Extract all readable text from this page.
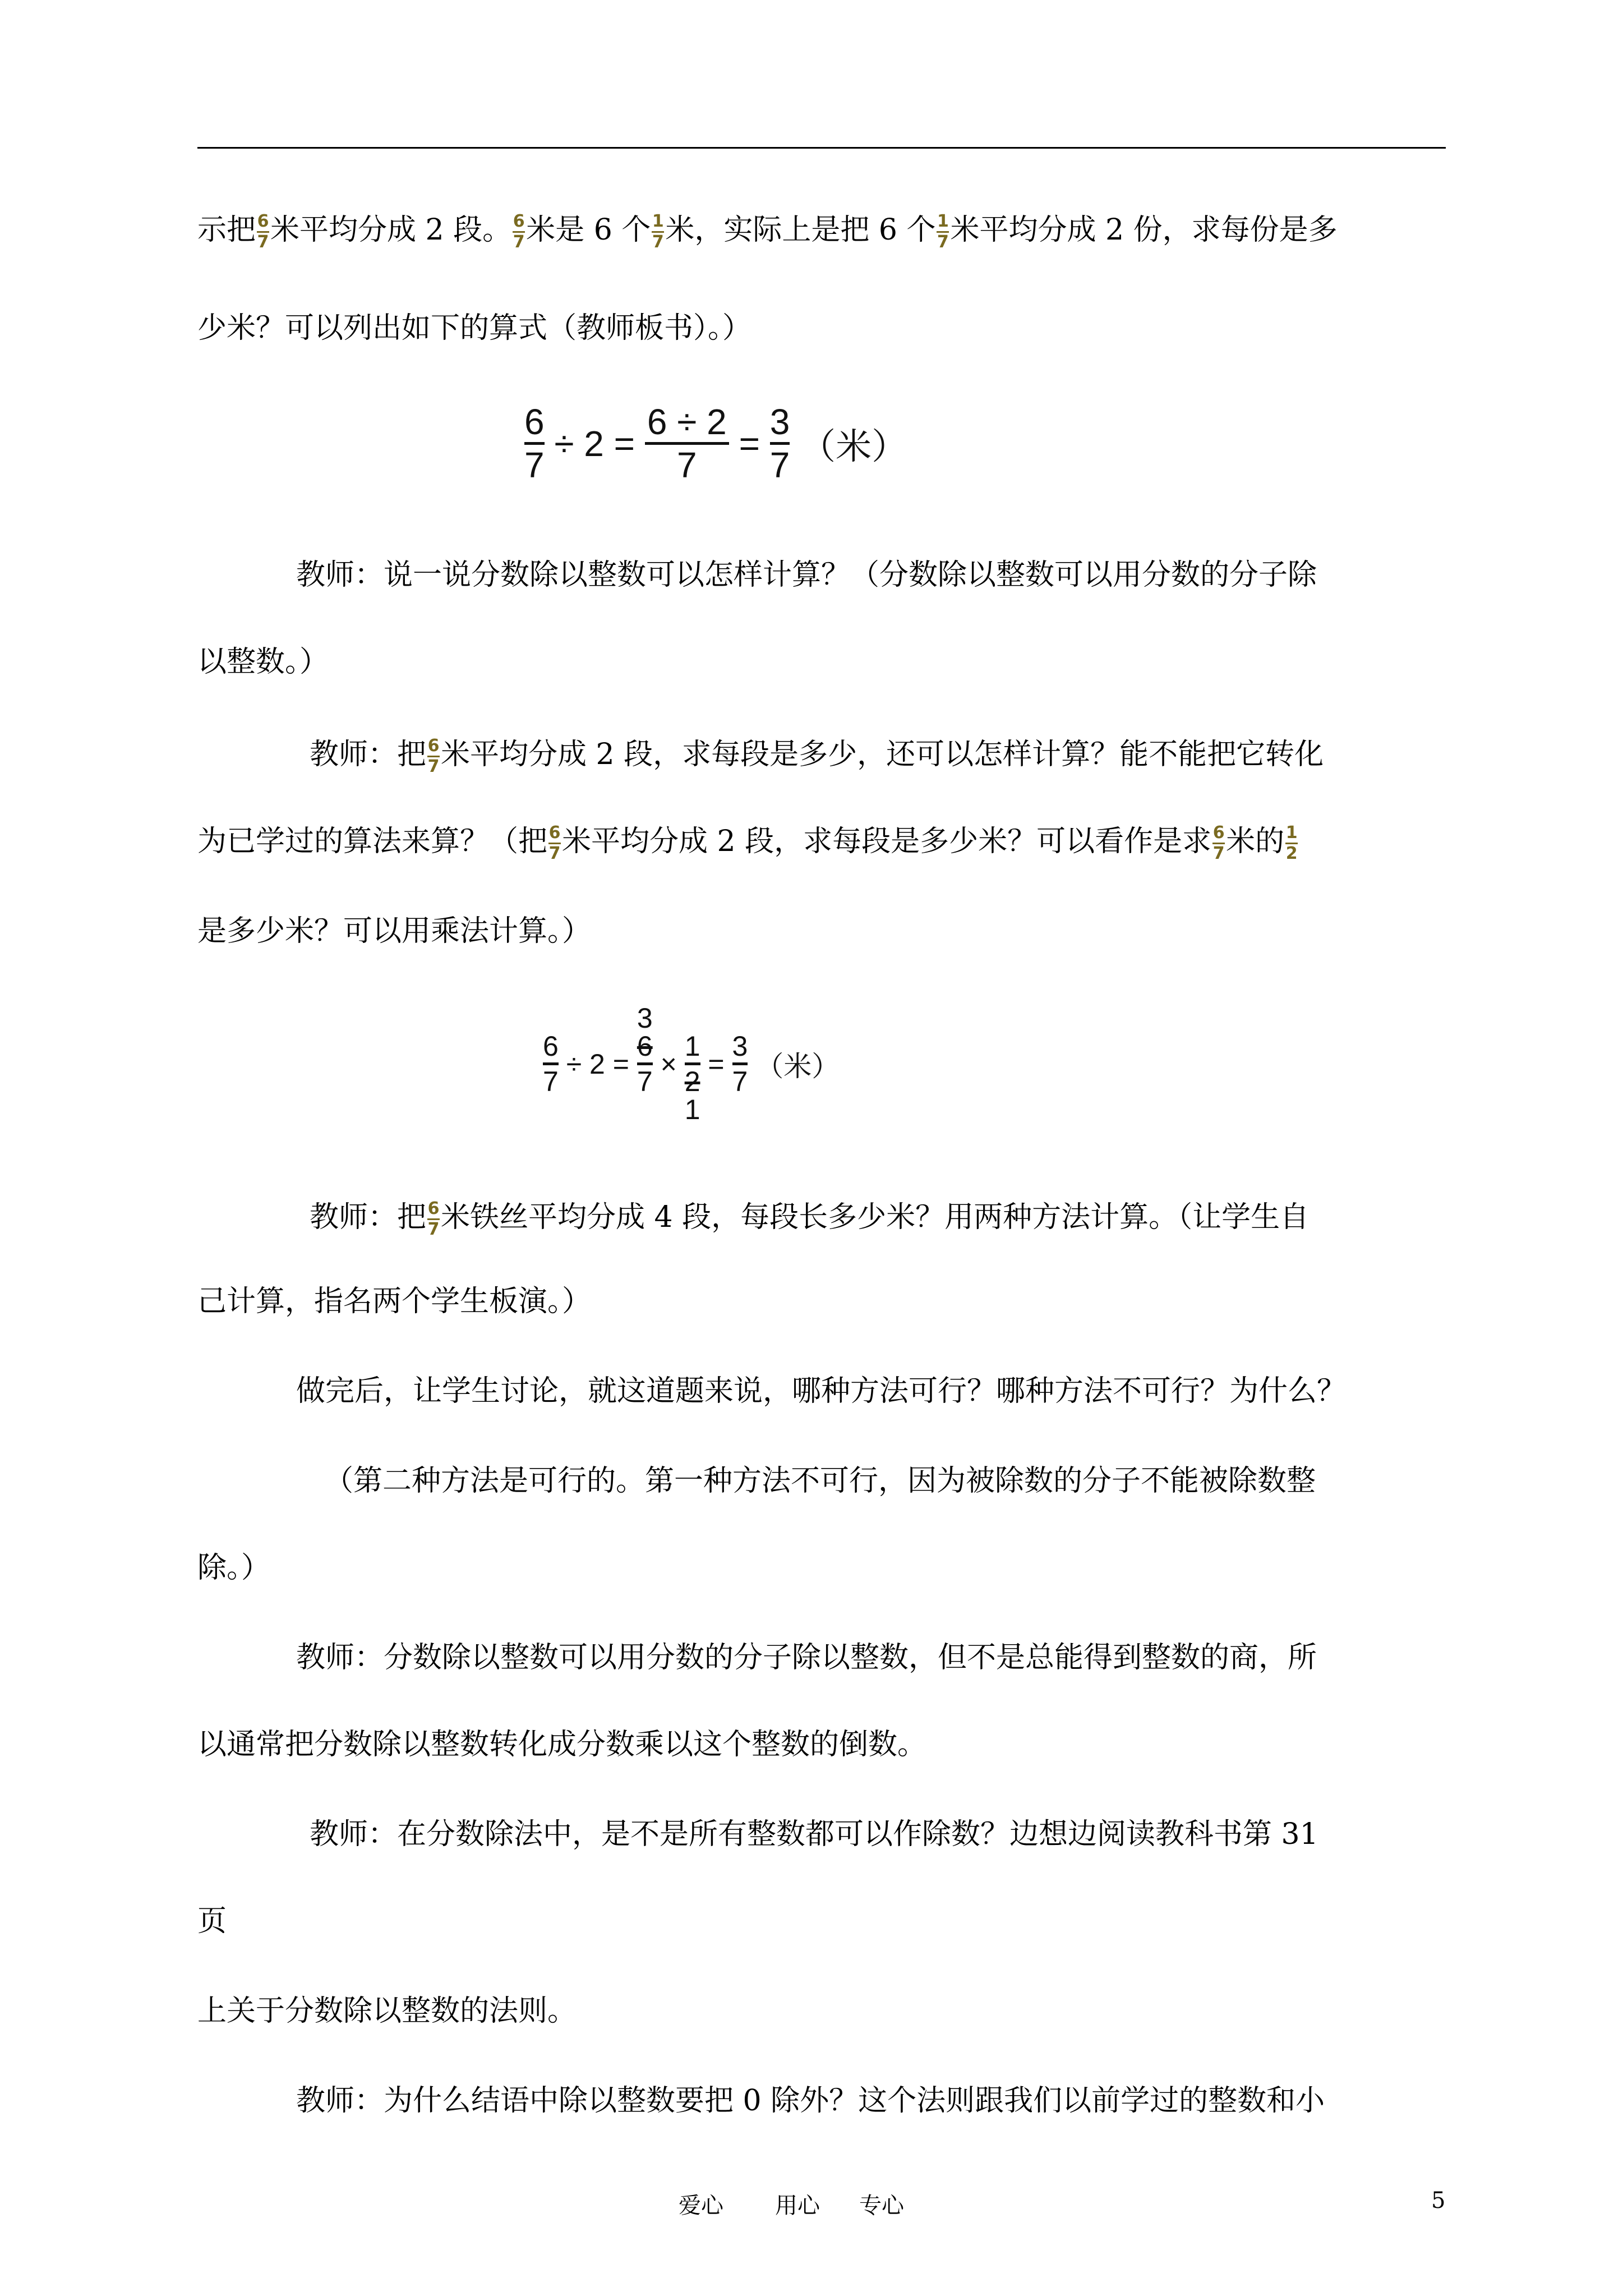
示把 $\frac{6}{7}$ 米平均分成 2 段。 $\frac{6}{7}$ 米是 6 个 $\frac{1}{7}$ 米，实际上是把 6 个 $\frac{1}{7}$ 米平均分成 2 份，求每份是多
少米？可以列出如下的算式（教师板书）。）
6
7
÷ 2 =
6 ÷ 2
7
=
3
7 （米）
教师：说一说分数除以整数可以怎样计算？（分数除以整数可以用分数的分子除
以整数。）
教师：把 $\frac{6}{7}$ 米平均分成 2 段，求每段是多少，还可以怎样计算？能不能把它转化
为已学过的算法来算？（把 $\frac{6}{7}$ 米平均分成 2 段，求每段是多少米？可以看作是求 $\frac{6}{7}$ 米的 $\frac{1}{2}$
是多少米？可以用乘法计算。）
6
7
÷ 2 =
3
6
7
×
1
2
1
=
3
7 （米）
教师：把 $\frac{6}{7}$ 米铁丝平均分成 4 段，每段长多少米？用两种方法计算。（让学生自
己计算，指名两个学生板演。）
做完后，让学生讨论，就这道题来说，哪种方法可行？哪种方法不可行？为什么？
（第二种方法是可行的。第一种方法不可行，因为被除数的分子不能被除数整
除。）
教师：分数除以整数可以用分数的分子除以整数，但不是总能得到整数的商，所
以通常把分数除以整数转化成分数乘以这个整数的倒数。
教师：在分数除法中，是不是所有整数都可以作除数？边想边阅读教科书第 31
页
上关于分数除以整数的法则。
教师：为什么结语中除以整数要把 0 除外？这个法则跟我们以前学过的整数和小
爱心 用心 专心	5
